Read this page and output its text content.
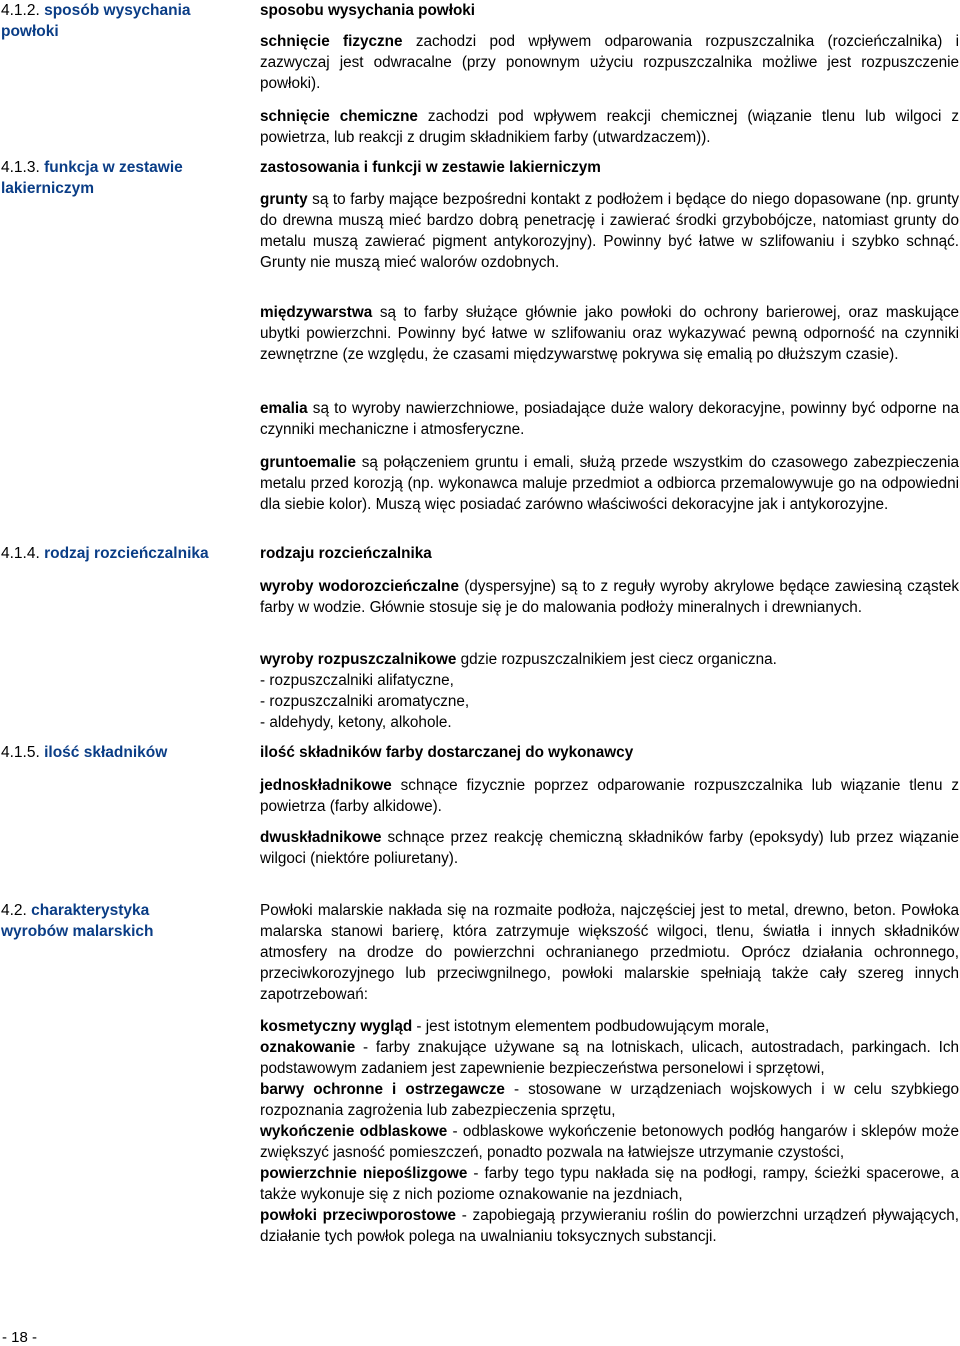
4.1.2. sposób wysychania
powłoki
4.1.3. funkcja w zestawie
lakierniczym
4.1.4. rodzaj rozcieńczalnika
4.1.5. ilość składników
4.2. charakterystyka
wyrobów malarskich
sposobu wysychania powłoki
schnięcie fizyczne zachodzi pod wpływem odparowania rozpuszczalnika (rozcieńczalnika) i zazwyczaj jest odwracalne (przy ponownym użyciu rozpuszczalnika możliwe jest rozpuszczenie powłoki).
schnięcie chemiczne zachodzi pod wpływem reakcji chemicznej (wiązanie tlenu lub wilgoci z powietrza, lub reakcji z drugim składnikiem farby (utwardzaczem)).
zastosowania i funkcji w zestawie lakierniczym
grunty są to farby mające bezpośredni kontakt z podłożem i będące do niego dopasowane (np. grunty do drewna muszą mieć bardzo dobrą penetrację i zawierać środki grzybobójcze, natomiast grunty do metalu muszą zawierać pigment antykorozyjny). Powinny być łatwe w szlifowaniu i szybko schnąć. Grunty nie muszą mieć walorów ozdobnych.
międzywarstwa są to farby służące głównie jako powłoki do ochrony barierowej, oraz maskujące ubytki powierzchni. Powinny być łatwe w szlifowaniu oraz wykazywać pewną odporność na czynniki zewnętrzne (ze względu, że czasami międzywarstwę pokrywa się emalią po dłuższym czasie).
emalia są to wyroby nawierzchniowe, posiadające duże walory dekoracyjne, powinny być odporne na czynniki mechaniczne i atmosferyczne.
gruntoemalie są połączeniem gruntu i emali, służą przede wszystkim do czasowego zabezpieczenia metalu przed korozją (np. wykonawca maluje przedmiot a odbiorca przemalowywuje go na odpowiedni dla siebie kolor). Muszą więc posiadać zarówno właściwości dekoracyjne jak i antykorozyjne.
rodzaju rozcieńczalnika
wyroby wodorozcieńczalne (dyspersyjne) są to z reguły wyroby akrylowe będące zawiesiną cząstek farby w wodzie. Głównie stosuje się je do malowania podłoży mineralnych i drewnianych.
wyroby rozpuszczalnikowe gdzie rozpuszczalnikiem jest ciecz organiczna.
- rozpuszczalniki alifatyczne,
- rozpuszczalniki aromatyczne,
- aldehydy, ketony, alkohole.
ilość składników farby dostarczanej do wykonawcy
jednoskładnikowe schnące fizycznie poprzez odparowanie rozpuszczalnika lub wiązanie tlenu z powietrza (farby alkidowe).
dwuskładnikowe schnące przez reakcję chemiczną składników farby (epoksydy) lub przez wiązanie wilgoci (niektóre poliuretany).
Powłoki malarskie nakłada się na rozmaite podłoża, najczęściej jest to metal, drewno, beton. Powłoka malarska stanowi barierę, która zatrzymuje większość wilgoci, tlenu, światła i innych składników atmosfery na drodze do powierzchni ochranianego przedmiotu. Oprócz działania ochronnego, przeciwkorozyjnego lub przeciwgnilnego, powłoki malarskie spełniają także cały szereg innych zapotrzebowań:
kosmetyczny wygląd - jest istotnym elementem podbudowującym morale,
oznakowanie - farby znakujące używane są na lotniskach, ulicach, autostradach, parkingach. Ich podstawowym zadaniem jest zapewnienie bezpieczeństwa personelowi i sprzętowi,
barwy ochronne i ostrzegawcze - stosowane w urządzeniach wojskowych i w celu szybkiego rozpoznania zagrożenia lub zabezpieczenia sprzętu,
wykończenie odblaskowe - odblaskowe wykończenie betonowych podłóg hangarów i sklepów może zwiększyć jasność pomieszczeń, ponadto pozwala na łatwiejsze utrzymanie czystości,
powierzchnie niepoślizgowe - farby tego typu nakłada się na podłogi, rampy, ścieżki spacerowe, a także wykonuje się z nich poziome oznakowanie na jezdniach,
powłoki przeciwporostowe - zapobiegają przywieraniu roślin do powierzchni urządzeń pływających, działanie tych powłok polega na uwalnianiu toksycznych substancji.
- 18 -
